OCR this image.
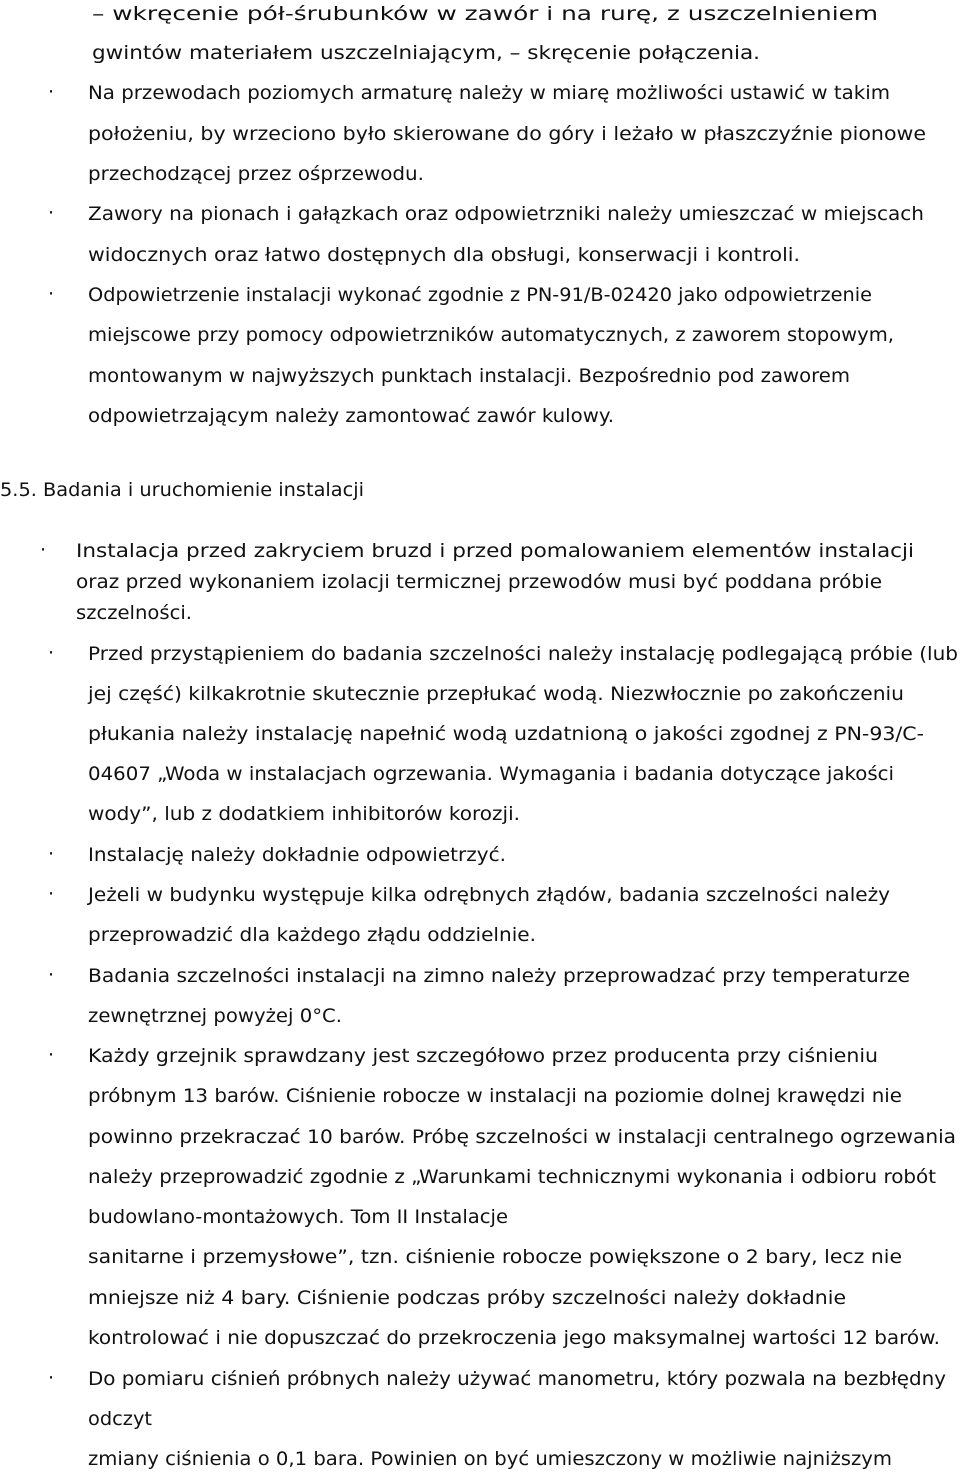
– wkręcenie pół-śrubunków w zawór i na rurę, z uszczelnieniem
gwintów materiałem uszczelniającym, – skręcenie połączenia.
· Na przewodach poziomych armaturę należy w miarę możliwości ustawić w takim
położeniu, by wrzeciono było skierowane do góry i leżało w płaszczyźnie pionowe
przechodzącej przez ośprzewodu.
· Zawory na pionach i gałązkach oraz odpowietrzniki należy umieszczać w miejscach
widocznych oraz łatwo dostępnych dla obsługi, konserwacji i kontroli.
· Odpowietrzenie instalacji wykonać zgodnie z PN-91/B-02420 jako odpowietrzenie
miejscowe przy pomocy odpowietrzników automatycznych, z zaworem stopowym,
montowanym w najwyższych punktach instalacji. Bezpośrednio pod zaworem
odpowietrzającym należy zamontować zawór kulowy.
5.5. Badania i uruchomienie instalacji
· Instalacja przed zakryciem bruzd i przed pomalowaniem elementów instalacji
oraz przed wykonaniem izolacji termicznej przewodów musi być poddana próbie
szczelności.
· Przed przystąpieniem do badania szczelności należy instalację podlegającą próbie (lub
jej część) kilkakrotnie skutecznie przepłukać wodą. Niezwłocznie po zakończeniu
płukania należy instalację napełnić wodą uzdatnioną o jakości zgodnej z PN-93/C-
04607 „Woda w instalacjach ogrzewania. Wymagania i badania dotyczące jakości
wody”, lub z dodatkiem inhibitorów korozji.
· Instalację należy dokładnie odpowietrzyć.
· Jeżeli w budynku występuje kilka odrębnych złądów, badania szczelności należy
przeprowadzić dla każdego złądu oddzielnie.
· Badania szczelności instalacji na zimno należy przeprowadzać przy temperaturze
zewnętrznej powyżej 0°C.
· Każdy grzejnik sprawdzany jest szczegółowo przez producenta przy ciśnieniu
próbnym 13 barów. Ciśnienie robocze w instalacji na poziomie dolnej krawędzi nie
powinno przekraczać 10 barów. Próbę szczelności w instalacji centralnego ogrzewania
należy przeprowadzić zgodnie z „Warunkami technicznymi wykonania i odbioru robót
budowlano-montażowych. Tom II Instalacje
sanitarne i przemysłowe”, tzn. ciśnienie robocze powiększone o 2 bary, lecz nie
mniejsze niż 4 bary. Ciśnienie podczas próby szczelności należy dokładnie
kontrolować i nie dopuszczać do przekroczenia jego maksymalnej wartości 12 barów.
· Do pomiaru ciśnień próbnych należy używać manometru, który pozwala na bezbłędny
odczyt
zmiany ciśnienia o 0,1 bara. Powinien on być umieszczony w możliwie najniższym
